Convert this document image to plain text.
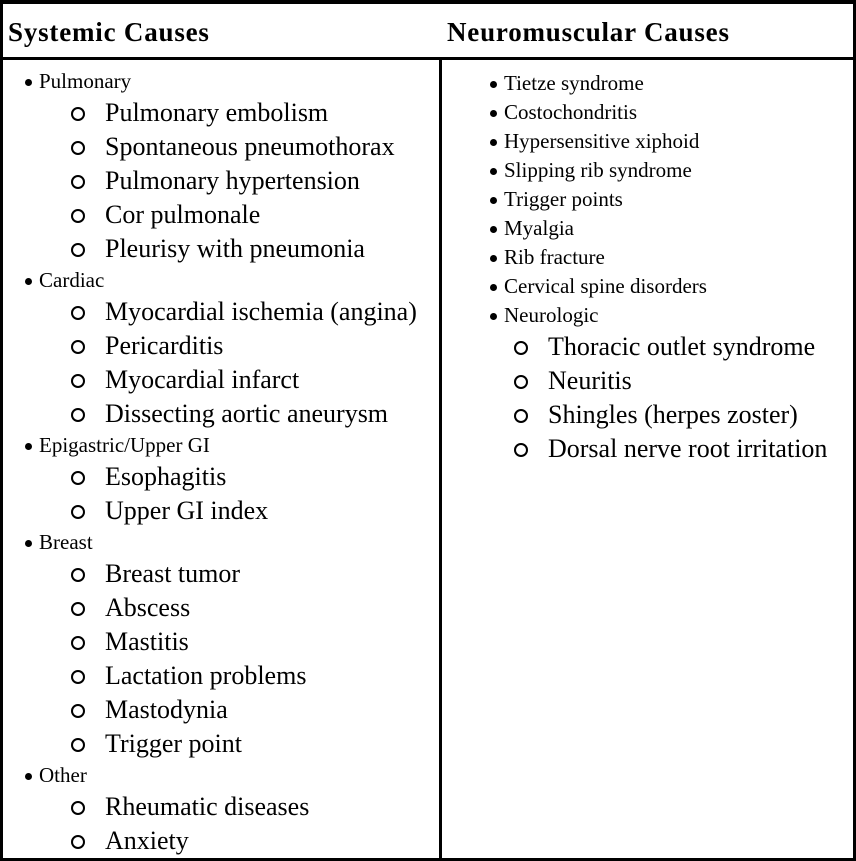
Systemic Causes	Neuromuscular Causes
Pulmonary
Pulmonary embolism
Spontaneous pneumothorax
Pulmonary hypertension
Cor pulmonale
Pleurisy with pneumonia
Cardiac
Myocardial ischemia (angina)
Pericarditis
Myocardial infarct
Dissecting aortic aneurysm
Epigastric/Upper GI
Esophagitis
Upper GI index
Breast
Breast tumor
Abscess
Mastitis
Lactation problems
Mastodynia
Trigger point
Other
Rheumatic diseases
Anxiety
Tietze syndrome
Costochondritis
Hypersensitive xiphoid
Slipping rib syndrome
Trigger points
Myalgia
Rib fracture
Cervical spine disorders
Neurologic
Thoracic outlet syndrome
Neuritis
Shingles (herpes zoster)
Dorsal nerve root irritation
